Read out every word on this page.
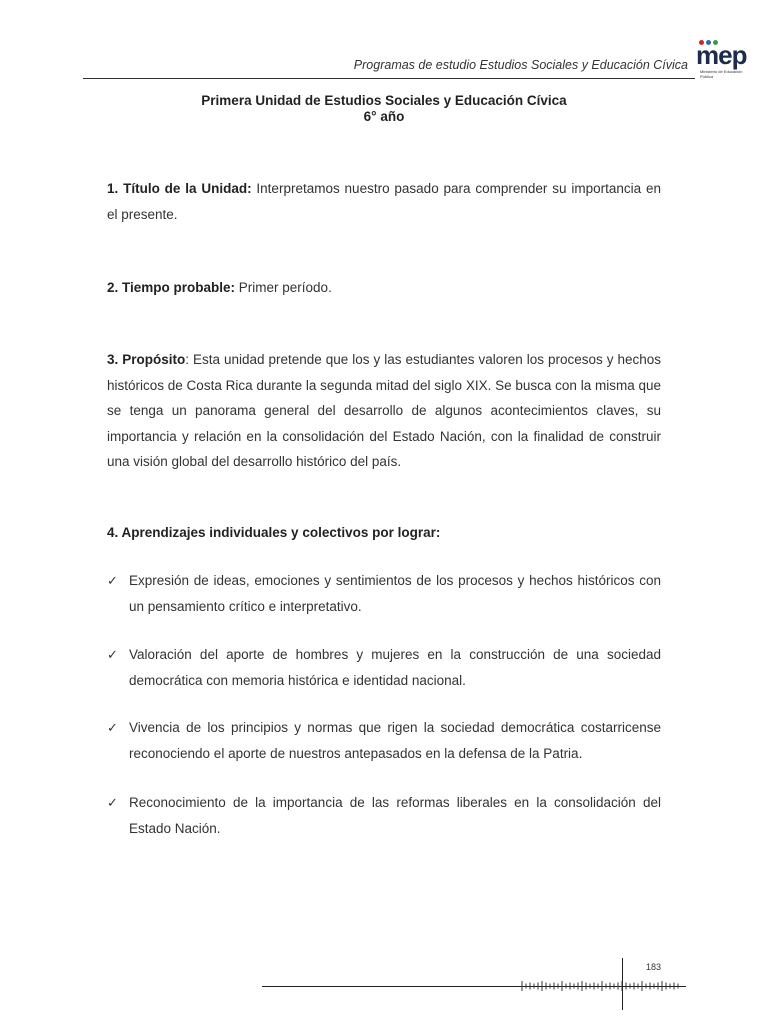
Programas de estudio Estudios Sociales y Educación Cívica mep
Ministerio de Educación Pública
Primera Unidad de Estudios Sociales y Educación Cívica
6° año
1. Título de la Unidad: Interpretamos nuestro pasado para comprender su importancia en el presente.
2. Tiempo probable: Primer período.
3. Propósito: Esta unidad pretende que los y las estudiantes valoren los procesos y hechos históricos de Costa Rica durante la segunda mitad del siglo XIX. Se busca con la misma que se tenga un panorama general del desarrollo de algunos acontecimientos claves, su importancia y relación en la consolidación del Estado Nación, con la finalidad de construir una visión global del desarrollo histórico del país.
4. Aprendizajes individuales y colectivos por lograr:
✓ Expresión de ideas, emociones y sentimientos de los procesos y hechos históricos con un pensamiento crítico e interpretativo.
✓ Valoración del aporte de hombres y mujeres en la construcción de una sociedad democrática con memoria histórica e identidad nacional.
✓ Vivencia de los principios y normas que rigen la sociedad democrática costarricense reconociendo el aporte de nuestros antepasados en la defensa de la Patria.
✓ Reconocimiento de la importancia de las reformas liberales en la consolidación del Estado Nación.
183
